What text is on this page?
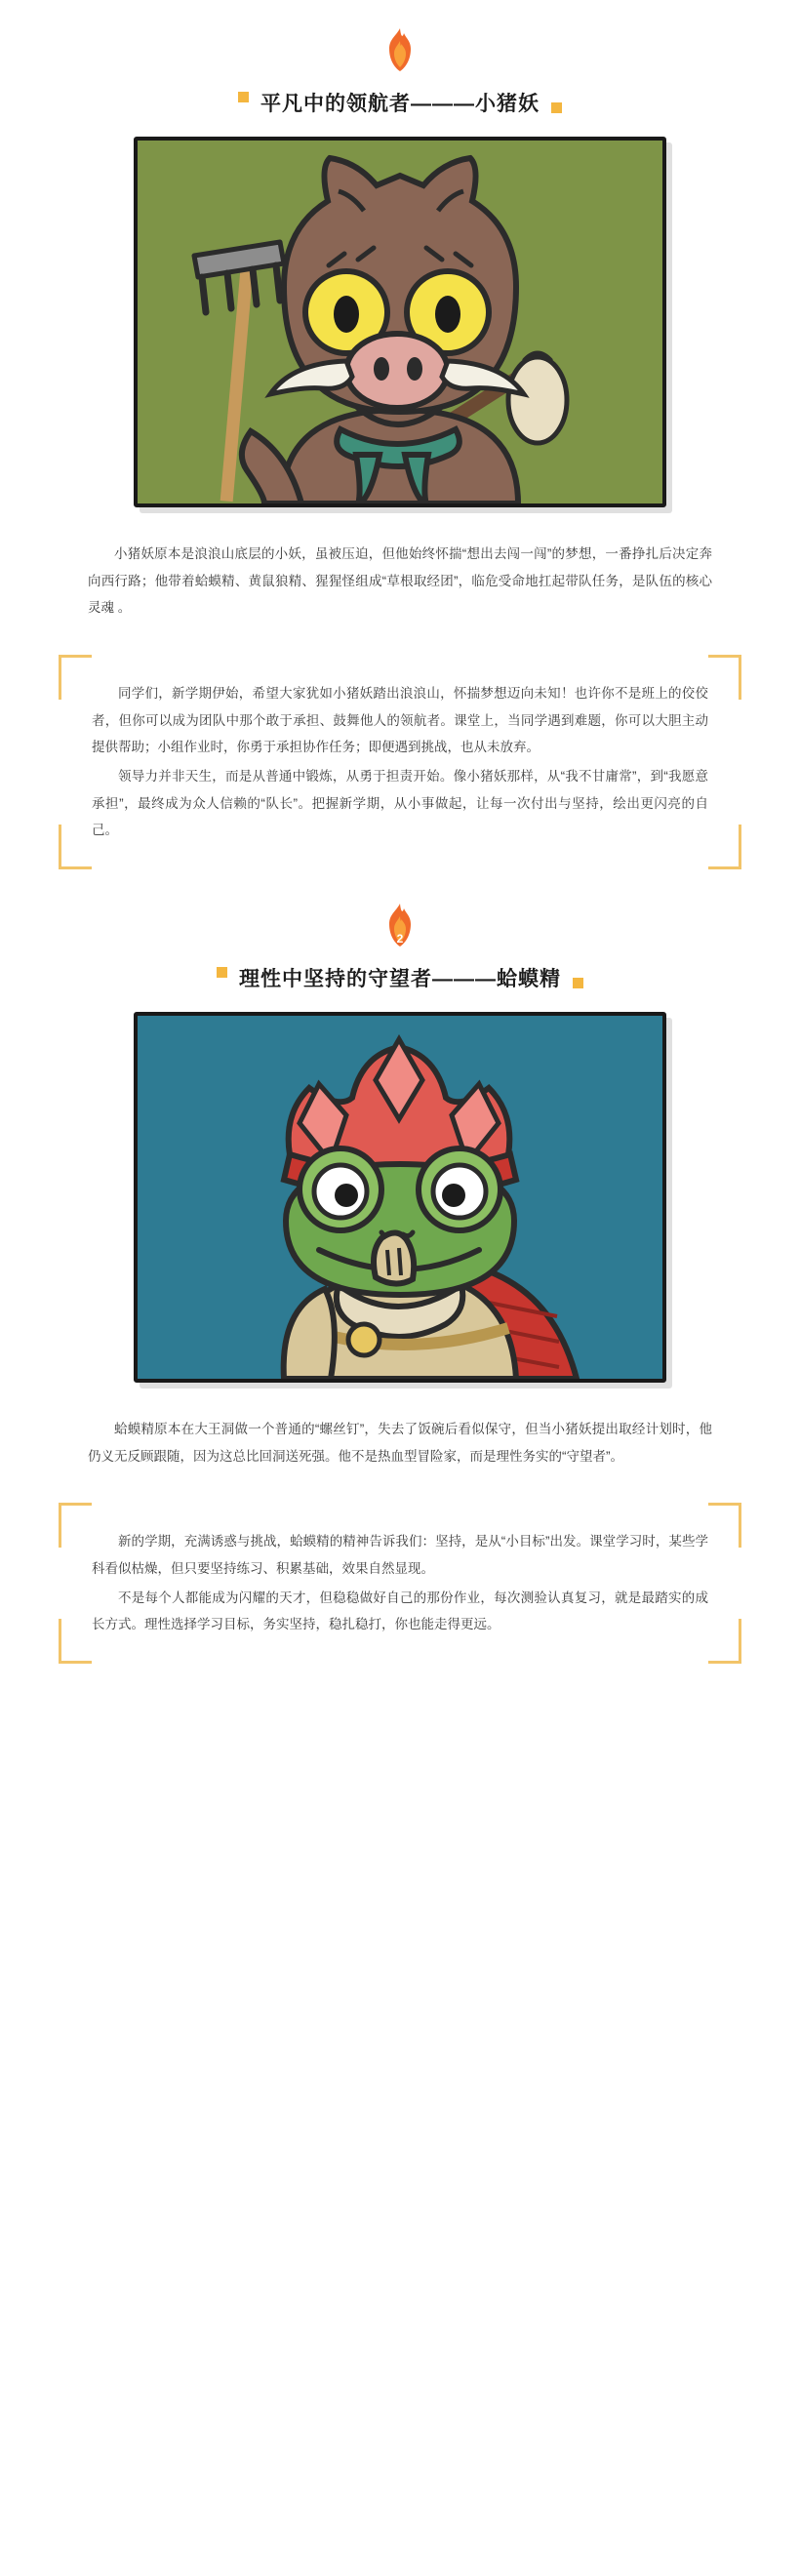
平凡中的领航者———小猪妖

小猪妖原本是浪浪山底层的小妖，虽被压迫，但他始终怀揣“想出去闯一闯”的梦想，一番挣扎后决定奔向西行路；他带着蛤蟆精、黄鼠狼精、猩猩怪组成“草根取经团”，临危受命地扛起带队任务，是队伍的核心灵魂 。

同学们，新学期伊始，希望大家犹如小猪妖踏出浪浪山，怀揣梦想迈向未知！也许你不是班上的佼佼者，但你可以成为团队中那个敢于承担、鼓舞他人的领航者。课堂上，当同学遇到难题，你可以大胆主动提供帮助；小组作业时，你勇于承担协作任务；即便遇到挑战，也从未放弃。

领导力并非天生，而是从普通中锻炼，从勇于担责开始。像小猪妖那样，从“我不甘庸常”，到“我愿意承担”，最终成为众人信赖的“队长”。把握新学期，从小事做起，让每一次付出与坚持，绘出更闪亮的自己。

2
理性中坚持的守望者———蛤蟆精

蛤蟆精原本在大王洞做一个普通的“螺丝钉”，失去了饭碗后看似保守，但当小猪妖提出取经计划时，他仍义无反顾跟随，因为这总比回洞送死强。他不是热血型冒险家，而是理性务实的“守望者”。

新的学期，充满诱惑与挑战，蛤蟆精的精神告诉我们：坚持，是从“小目标”出发。课堂学习时，某些学科看似枯燥，但只要坚持练习、积累基础，效果自然显现。

不是每个人都能成为闪耀的天才，但稳稳做好自己的那份作业，每次测验认真复习，就是最踏实的成长方式。理性选择学习目标，务实坚持，稳扎稳打，你也能走得更远。
